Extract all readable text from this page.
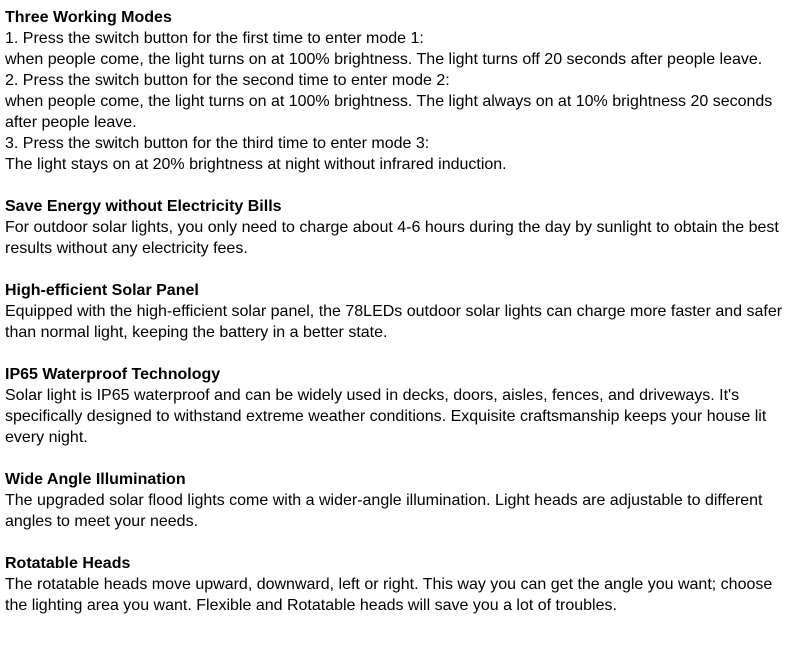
Three Working Modes

1. Press the switch button for the first time to enter mode 1:

when people come, the light turns on at 100% brightness. The light turns off 20 seconds after people leave.

2. Press the switch button for the second time to enter mode 2:

when people come, the light turns on at 100% brightness. The light always on at 10% brightness 20 seconds after people leave.

3. Press the switch button for the third time to enter mode 3:

The light stays on at 20% brightness at night without infrared induction.

Save Energy without Electricity Bills

For outdoor solar lights, you only need to charge about 4-6 hours during the day by sunlight to obtain the best results without any electricity fees.

High-efficient Solar Panel

Equipped with the high-efficient solar panel, the 78LEDs outdoor solar lights can charge more faster and safer than normal light, keeping the battery in a better state.

IP65 Waterproof Technology

Solar light is IP65 waterproof and can be widely used in decks, doors, aisles, fences, and driveways. It's specifically designed to withstand extreme weather conditions. Exquisite craftsmanship keeps your house lit every night.

Wide Angle Illumination

The upgraded solar flood lights come with a wider-angle illumination. Light heads are adjustable to different angles to meet your needs.

Rotatable Heads

The rotatable heads move upward, downward, left or right. This way you can get the angle you want; choose the lighting area you want. Flexible and Rotatable heads will save you a lot of troubles.
